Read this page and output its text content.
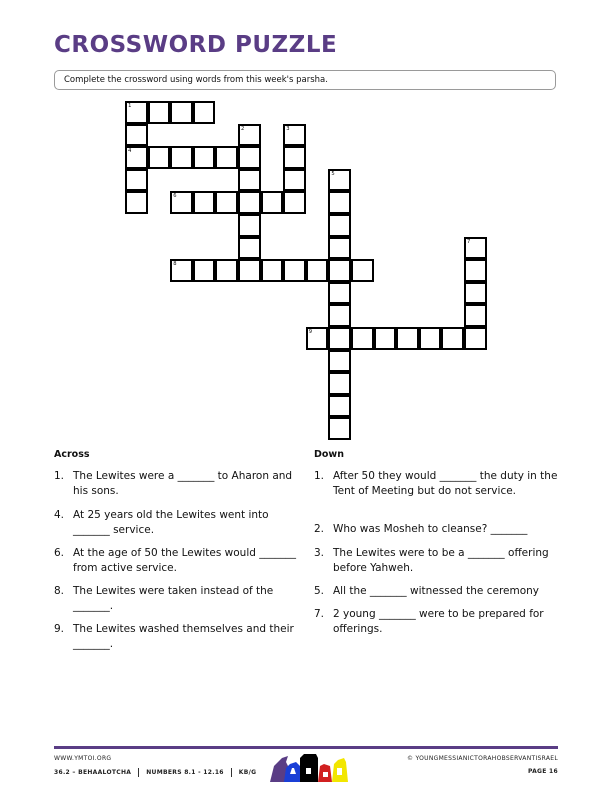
CROSSWORD PUZZLE
Complete the crossword using words from this week's parsha.
1
4
2	3
5
6
7
8
9
Across
1. The Lewites were a _______ to Aharon and his sons.
4. At 25 years old the Lewites went into _______ service.
6. At the age of 50 the Lewites would _______ from active service.
8. The Lewites were taken instead of the _______.
9. The Lewites washed themselves and their _______.
Down
1. After 50 they would _______ the duty in the Tent of Meeting but do not service.
2. Who was Mosheh to cleanse? _______
3. The Lewites were to be a _______ offering before Yahweh.
5. All the _______ witnessed the ceremony
7. 2 young _______ were to be prepared for offerings.
WWW.YMTOI.ORG
36.2 – BEHAALOTCHA	NUMBERS 8.1 - 12.16	KB/G
© YOUNGMESSIANICTORAHOBSERVANTISRAEL
PAGE 16
